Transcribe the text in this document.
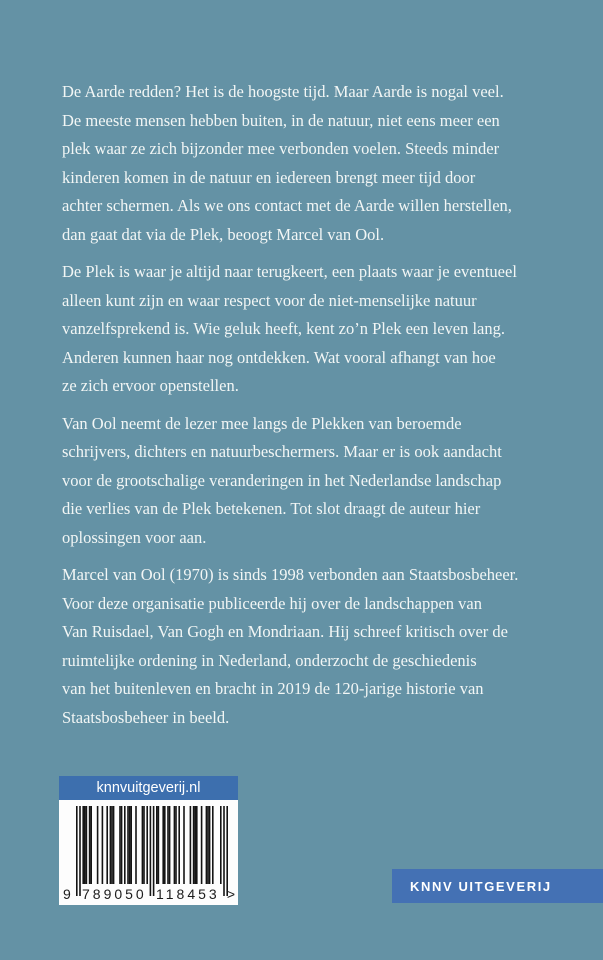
De Aarde redden? Het is de hoogste tijd. Maar Aarde is nogal veel.
De meeste mensen hebben buiten, in de natuur, niet eens meer een
plek waar ze zich bijzonder mee verbonden voelen. Steeds minder
kinderen komen in de natuur en iedereen brengt meer tijd door
achter schermen. Als we ons contact met de Aarde willen herstellen,
dan gaat dat via de Plek, beoogt Marcel van Ool.

De Plek is waar je altijd naar terugkeert, een plaats waar je eventueel
alleen kunt zijn en waar respect voor de niet-menselijke natuur
vanzelfsprekend is. Wie geluk heeft, kent zo’n Plek een leven lang.
Anderen kunnen haar nog ontdekken. Wat vooral afhangt van hoe
ze zich ervoor openstellen.

Van Ool neemt de lezer mee langs de Plekken van beroemde
schrijvers, dichters en natuurbeschermers. Maar er is ook aandacht
voor de grootschalige veranderingen in het Nederlandse landschap
die verlies van de Plek betekenen. Tot slot draagt de auteur hier
oplossingen voor aan.

Marcel van Ool (1970) is sinds 1998 verbonden aan Staatsbosbeheer.
Voor deze organisatie publiceerde hij over de landschappen van
Van Ruisdael, Van Gogh en Mondriaan. Hij schreef kritisch over de
ruimtelijke ordening in Nederland, onderzocht de geschiedenis
van het buitenleven en bracht in 2019 de 120-jarige historie van
Staatsbosbeheer in beeld.

knnvuitgeverij.nl
9 789050 118453 >	KNNV UITGEVERIJ
